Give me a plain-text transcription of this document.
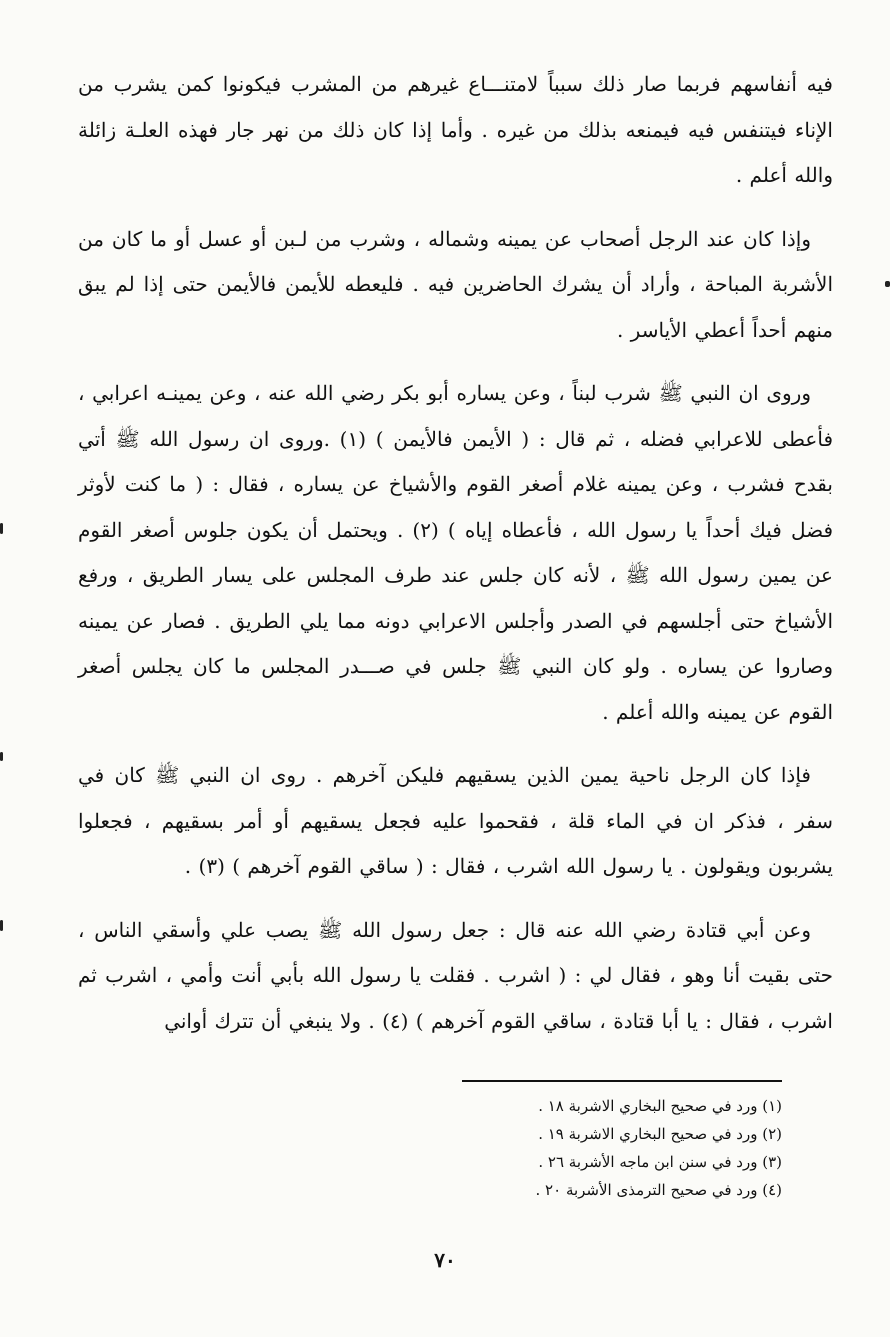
فيه أنفاسهم فربما صار ذلك سبباً لامتنـــاع غيرهم من المشرب فيكونوا كمن يشرب من الإناء فيتنفس فيه فيمنعه بذلك من غيره . وأما إذا كان ذلك من نهر جار فهذه العلـة زائلة والله أعلم .

وإذا كان عند الرجل أصحاب عن يمينه وشماله ، وشرب من لـبن أو عسل أو ما كان من الأشربة المباحة ، وأراد أن يشرك الحاضرين فيه . فليعطه للأيمن فالأيمن حتى إذا لم يبق منهم أحداً أعطي الأياسر .

وروى ان النبي ﷺ شرب لبناً ، وعن يساره أبو بكر رضي الله عنه ، وعن يمينـه اعرابي ، فأعطى للاعرابي فضله ، ثم قال : ( الأيمن فالأيمن ) (١) .وروى ان رسول الله ﷺ أتي بقدح فشرب ، وعن يمينه غلام أصغر القوم والأشياخ عن يساره ، فقال : ( ما كنت لأوثر فضل فيك أحداً يا رسول الله ، فأعطاه إياه ) (٢) . ويحتمل أن يكون جلوس أصغر القوم عن يمين رسول الله ﷺ ، لأنه كان جلس عند طرف المجلس على يسار الطريق ، ورفع الأشياخ حتى أجلسهم في الصدر وأجلس الاعرابي دونه مما يلي الطريق . فصار عن يمينه وصاروا عن يساره . ولو كان النبي ﷺ جلس في صـــدر المجلس ما كان يجلس أصغر القوم عن يمينه والله أعلم .

فإذا كان الرجل ناحية يمين الذين يسقيهم فليكن آخرهم . روى ان النبي ﷺ كان في سفر ، فذكر ان في الماء قلة ، فقحموا عليه فجعل يسقيهم أو أمر بسقيهم ، فجعلوا يشربون ويقولون . يا رسول الله اشرب ، فقال : ( ساقي القوم آخرهم ) (٣) .

وعن أبي قتادة رضي الله عنه قال : جعل رسول الله ﷺ يصب علي وأسقي الناس ، حتى بقيت أنا وهو ، فقال لي : ( اشرب . فقلت يا رسول الله بأبي أنت وأمي ، اشرب ثم اشرب ، فقال : يا أبا قتادة ، ساقي القوم آخرهم ) (٤) . ولا ينبغي أن تترك أواني

(١) ورد في صحيح البخاري الاشربة ١٨ .

(٢) ورد في صحيح البخاري الاشربة ١٩ .

(٣) ورد في سنن ابن ماجه الأشربة ٢٦ .

(٤) ورد في صحيح الترمذى الأشربة ٢٠ .

٧٠
